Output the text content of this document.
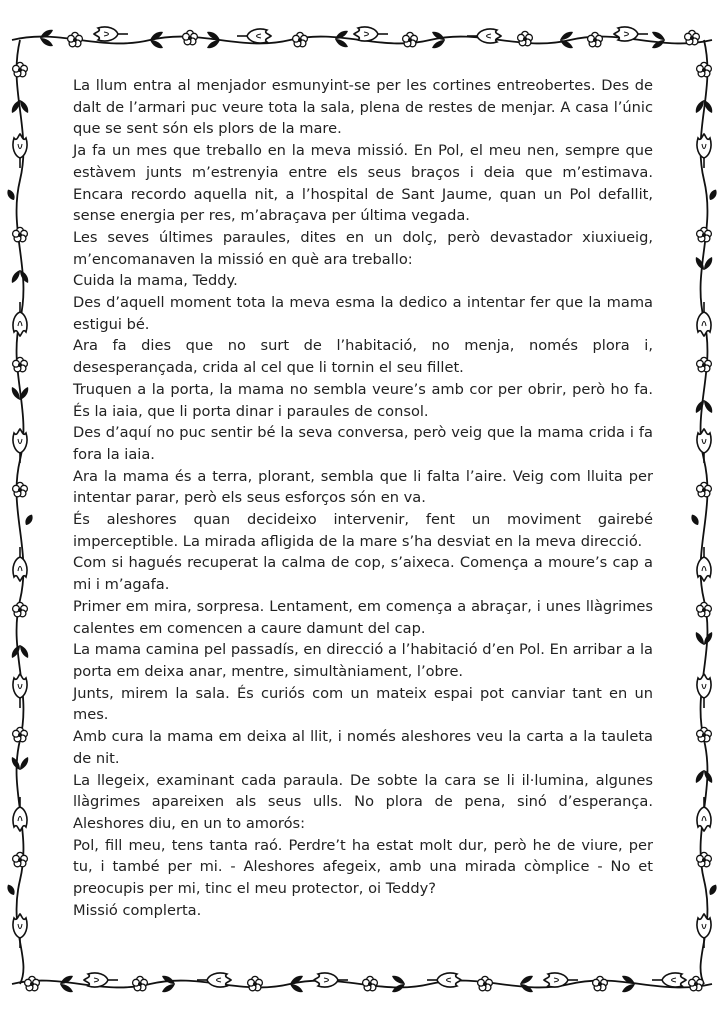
La llum entra al menjador esmunyint-se per les cortines entreobertes. Des de dalt de l’armari puc veure tota la sala, plena de restes de menjar. A casa l’únic que se sent són els plors de la mare.

Ja fa un mes que treballo en la meva missió. En Pol, el meu nen, sempre que estàvem junts m’estrenyia entre els seus braços i deia que m’estimava. Encara recordo aquella nit, a l’hospital de Sant Jaume, quan un Pol defallit, sense energia per res, m’abraçava per última vegada.

Les seves últimes paraules, dites en un dolç, però devastador xiuxiueig, m’encomanaven la missió en què ara treballo:

Cuida la mama, Teddy.

Des d’aquell moment tota la meva esma la dedico a intentar fer que la mama estigui bé.

Ara fa dies que no surt de l’habitació, no menja, només plora i, desesperançada, crida al cel que li tornin el seu fillet.

Truquen a la porta, la mama no sembla veure’s amb cor per obrir, però ho fa. És la iaia, que li porta dinar i paraules de consol.

Des d’aquí no puc sentir bé la seva conversa, però veig que la mama crida i fa fora la iaia.

Ara la mama és a terra, plorant, sembla que li falta l’aire. Veig com lluita per intentar parar, però els seus esforços són en va.

És aleshores quan decideixo intervenir, fent un moviment gairebé imperceptible. La mirada afligida de la mare s’ha desviat en la meva direcció.

Com si hagués recuperat la calma de cop, s’aixeca. Comença a moure’s cap a mi i m’agafa.

Primer em mira, sorpresa. Lentament, em comença a abraçar, i unes llàgrimes calentes em comencen a caure damunt del cap.

La mama camina pel passadís, en direcció a l’habitació d’en Pol. En arribar a la porta em deixa anar, mentre, simultàniament, l’obre.

Junts, mirem la sala. És curiós com un mateix espai pot canviar tant en un mes.

Amb cura la mama em deixa al llit, i només aleshores veu la carta a la tauleta de nit.

La llegeix, examinant cada paraula. De sobte la cara se li il·lumina, algunes llàgrimes apareixen als seus ulls. No plora de pena, sinó d’esperança. Aleshores diu, en un to amorós:

Pol, fill meu, tens tanta raó. Perdre’t ha estat molt dur, però he de viure, per tu, i també per mi. - Aleshores afegeix, amb una mirada còmplice - No et preocupis per mi, tinc el meu protector, oi Teddy?

Missió complerta.
